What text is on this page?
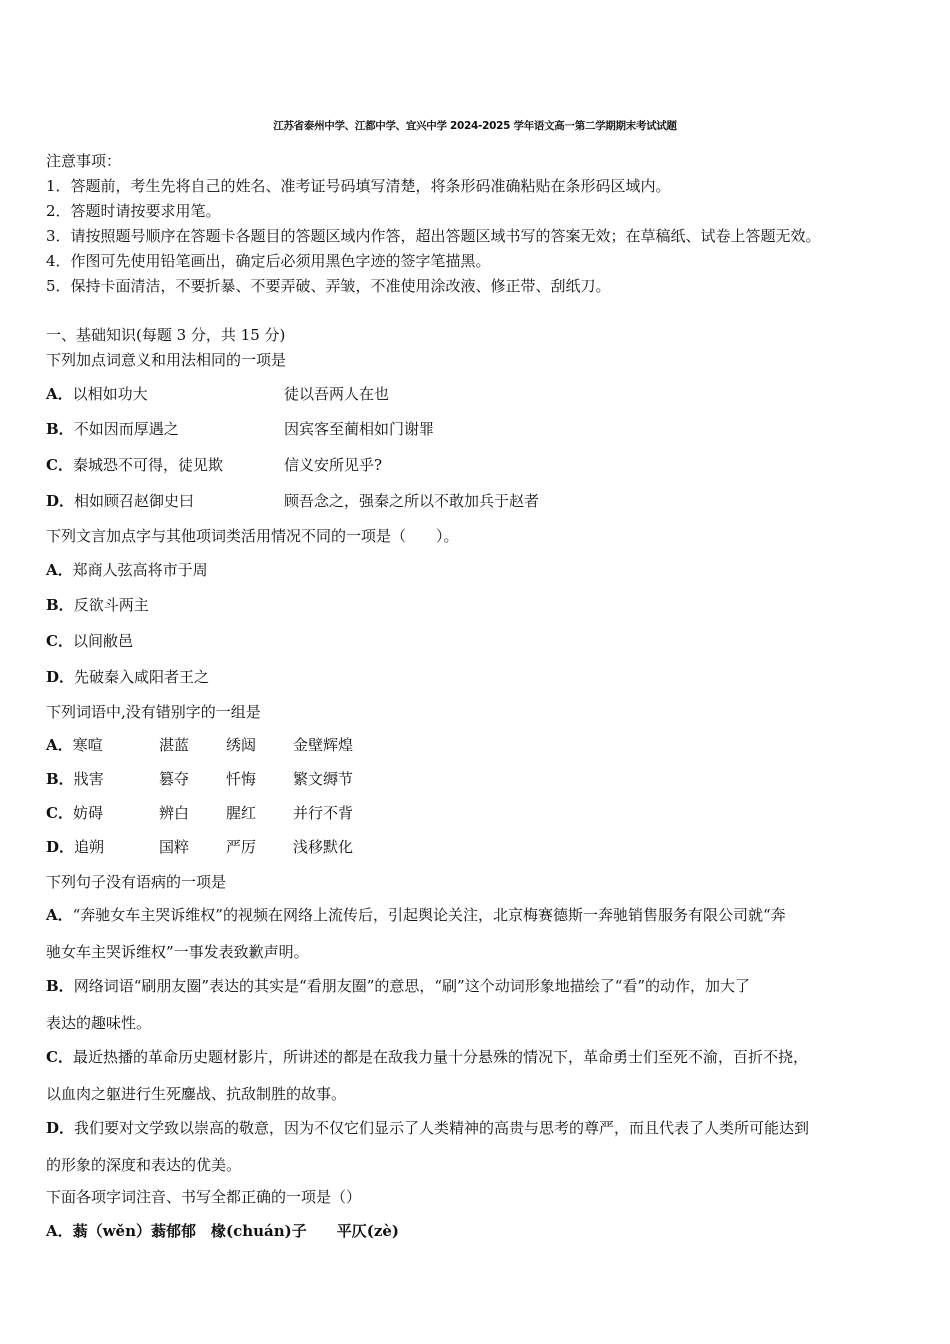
江苏省泰州中学、江都中学、宜兴中学 2024-2025 学年语文高一第二学期期末考试试题
注意事项：
1．答题前，考生先将自己的姓名、准考证号码填写清楚，将条形码准确粘贴在条形码区域内。
2．答题时请按要求用笔。
3．请按照题号顺序在答题卡各题目的答题区域内作答，超出答题区域书写的答案无效；在草稿纸、试卷上答题无效。
4．作图可先使用铅笔画出，确定后必须用黑色字迹的签字笔描黑。
5．保持卡面清洁，不要折暴、不要弄破、弄皱，不准使用涂改液、修正带、刮纸刀。
一、基础知识(每题 3 分，共 15 分)
下列加点词意义和用法相同的一项是
A．以相如功大	徒以吾两人在也
B．不如因而厚遇之	因宾客至蔺相如门谢罪
C．秦城恐不可得，徒见欺	信义安所见乎?
D．相如顾召赵御史曰	顾吾念之，强秦之所以不敢加兵于赵者
下列文言加点字与其他项词类活用情况不同的一项是（　　）。
A．郑商人弦高将市于周
B．反欲斗两主
C．以间敝邑
D．先破秦入咸阳者王之
下列词语中,没有错别字的一组是
A．寒喧	湛蓝 绣闼 金壁辉煌
B．戕害	篡夺 忏悔 繁文缛节
C．妨碍	辨白 腥红 并行不背
D．追朔	国粹 严厉 浅移默化
下列句子没有语病的一项是
A．“奔驰女车主哭诉维权”的视频在网络上流传后，引起舆论关注，北京梅赛德斯一奔驰销售服务有限公司就“奔
驰女车主哭诉维权”一事发表致歉声明。
B．网络词语“刷朋友圈”表达的其实是“看朋友圈”的意思，“刷”这个动词形象地描绘了“看”的动作，加大了
表达的趣味性。
C．最近热播的革命历史题材影片，所讲述的都是在敌我力量十分悬殊的情况下，革命勇士们至死不渝，百折不挠，
以血肉之躯进行生死鏖战、抗敌制胜的故事。
D．我们要对文学致以崇高的敬意，因为不仅它们显示了人类精神的高贵与思考的尊严，而且代表了人类所可能达到
的形象的深度和表达的优美。
下面各项字词注音、书写全都正确的一项是（）
A．蓊（wěn）蓊郁郁　椽(chuán)子　　平仄(zè)
